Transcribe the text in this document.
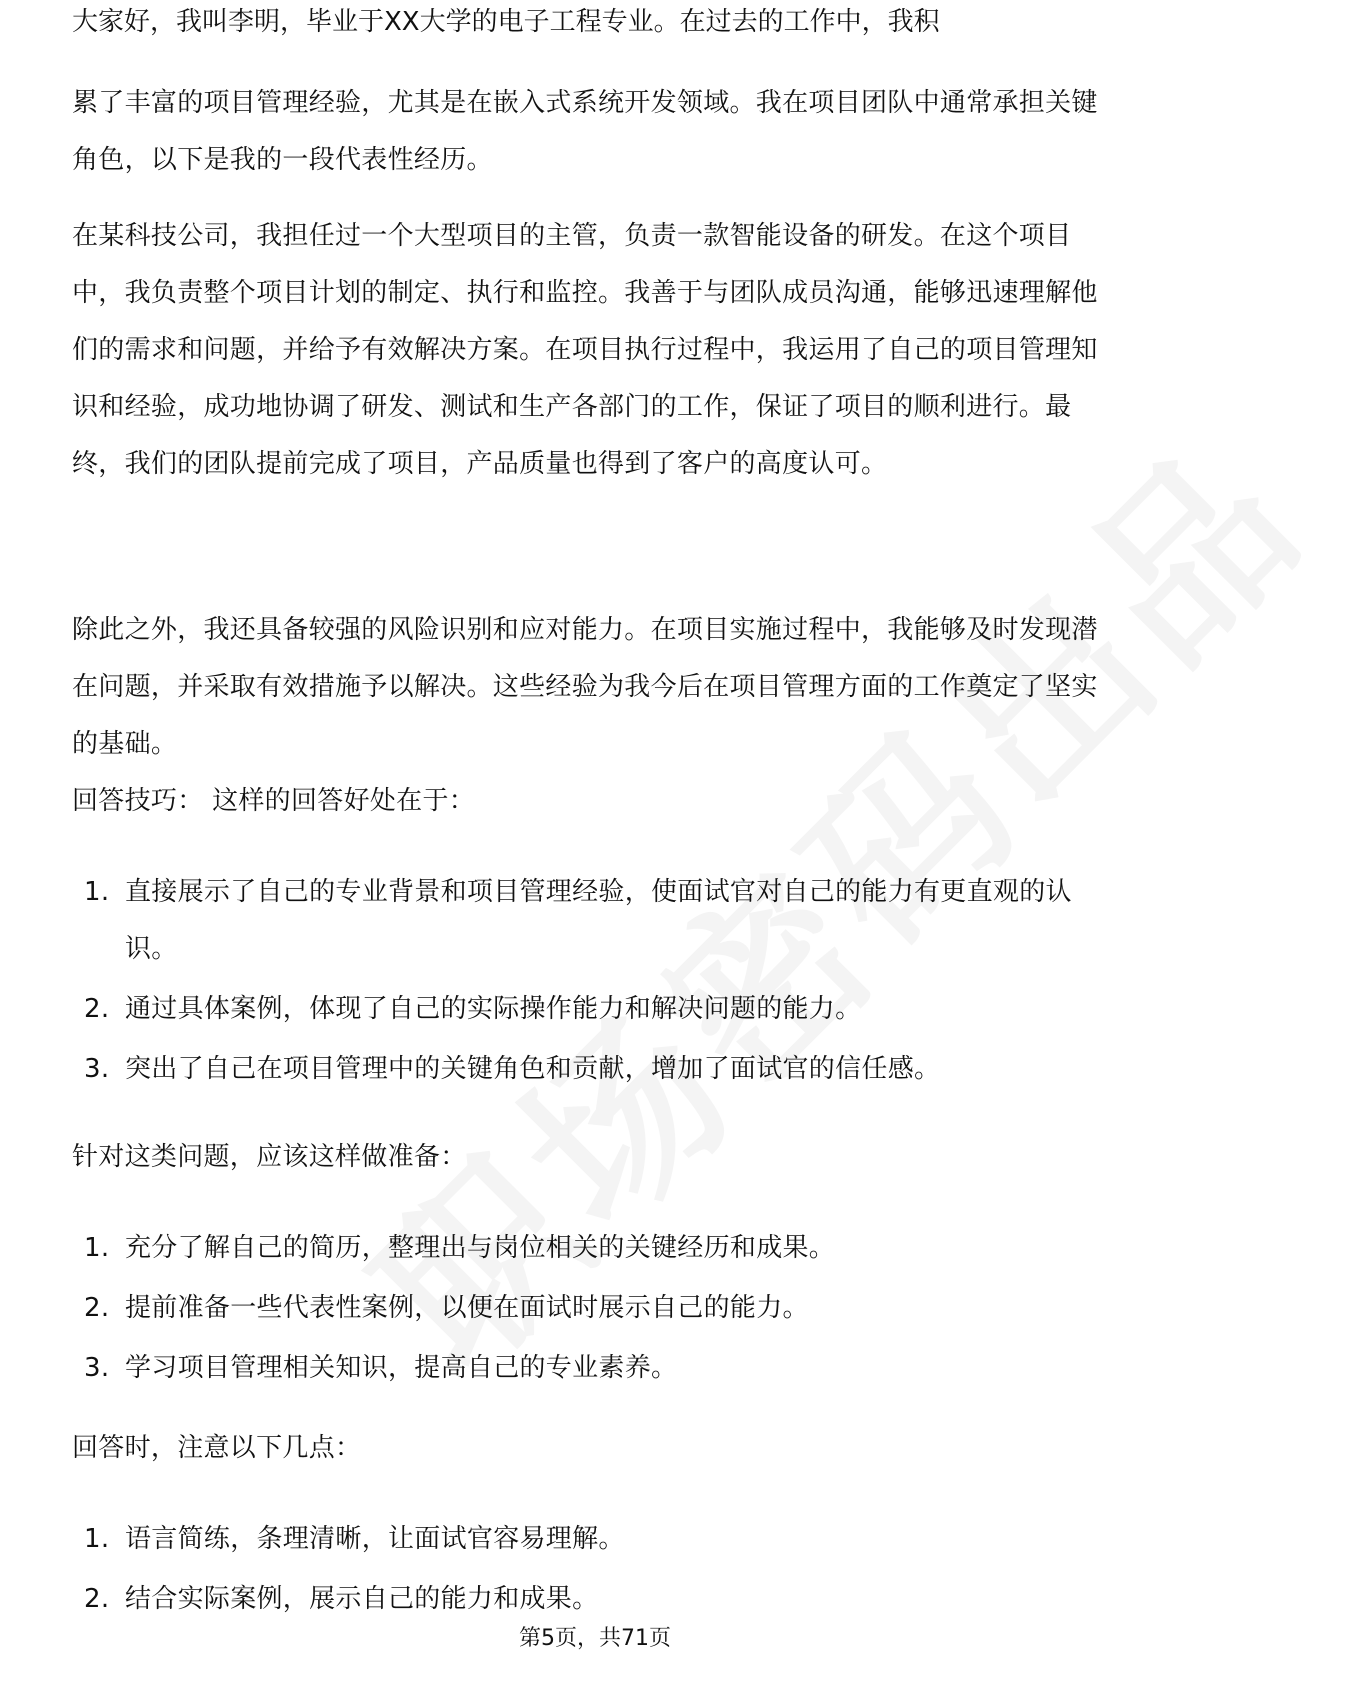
大家好，我叫李明，毕业于XX大学的电子工程专业。在过去的工作中，我积

累了丰富的项目管理经验，尤其是在嵌入式系统开发领域。我在项目团队中通常承担关键角色，以下是我的一段代表性经历。

在某科技公司，我担任过一个大型项目的主管，负责一款智能设备的研发。在这个项目中，我负责整个项目计划的制定、执行和监控。我善于与团队成员沟通，能够迅速理解他们的需求和问题，并给予有效解决方案。在项目执行过程中，我运用了自己的项目管理知识和经验，成功地协调了研发、测试和生产各部门的工作，保证了项目的顺利进行。最终，我们的团队提前完成了项目，产品质量也得到了客户的高度认可。

除此之外，我还具备较强的风险识别和应对能力。在项目实施过程中，我能够及时发现潜在问题，并采取有效措施予以解决。这些经验为我今后在项目管理方面的工作奠定了坚实的基础。

回答技巧： 这样的回答好处在于：

1. 直接展示了自己的专业背景和项目管理经验，使面试官对自己的能力有更直观的认识。
2. 通过具体案例，体现了自己的实际操作能力和解决问题的能力。
3. 突出了自己在项目管理中的关键角色和贡献，增加了面试官的信任感。

针对这类问题，应该这样做准备：

1. 充分了解自己的简历，整理出与岗位相关的关键经历和成果。
2. 提前准备一些代表性案例，以便在面试时展示自己的能力。
3. 学习项目管理相关知识，提高自己的专业素养。

回答时，注意以下几点：

1. 语言简练，条理清晰，让面试官容易理解。
2. 结合实际案例，展示自己的能力和成果。
第5页，共71页
